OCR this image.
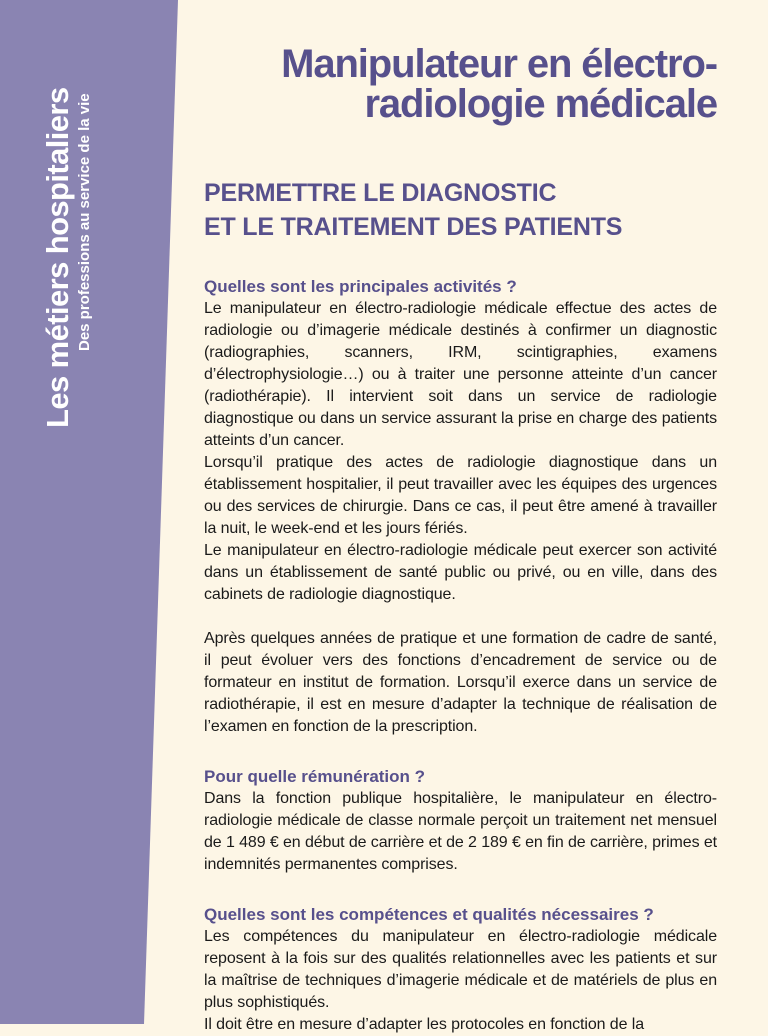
Les métiers hospitaliers Des professions au service de la vie
Manipulateur en électro-
radiologie médicale
PERMETTRE LE DIAGNOSTIC
ET LE TRAITEMENT DES PATIENTS
Quelles sont les principales activités ?

Le manipulateur en électro-radiologie médicale effectue des actes de radiologie ou d’imagerie médicale destinés à confirmer un diagnostic (radiographies, scanners, IRM, scintigraphies, examens d’électrophysiologie…) ou à traiter une personne atteinte d’un cancer (radiothérapie). Il intervient soit dans un service de radiologie diagnostique ou dans un service assurant la prise en charge des patients atteints d’un cancer.

Lorsqu’il pratique des actes de radiologie diagnostique dans un établissement hospitalier, il peut travailler avec les équipes des urgences ou des services de chirurgie. Dans ce cas, il peut être amené à travailler la nuit, le week-end et les jours fériés.

Le manipulateur en électro-radiologie médicale peut exercer son activité dans un établissement de santé public ou privé, ou en ville, dans des cabinets de radiologie diagnostique.

Après quelques années de pratique et une formation de cadre de santé, il peut évoluer vers des fonctions d’encadrement de service ou de formateur en institut de formation. Lorsqu’il exerce dans un service de radiothérapie, il est en mesure d’adapter la technique de réalisation de l’examen en fonction de la prescription.

Pour quelle rémunération ?

Dans la fonction publique hospitalière, le manipulateur en électro-radiologie médicale de classe normale perçoit un traitement net mensuel de 1 489 € en début de carrière et de 2 189 € en fin de carrière, primes et indemnités permanentes comprises.

Quelles sont les compétences et qualités nécessaires ?

Les compétences du manipulateur en électro-radiologie médicale reposent à la fois sur des qualités relationnelles avec les patients et sur la maîtrise de techniques d’imagerie médicale et de matériels de plus en plus sophistiqués.

Il doit être en mesure d’adapter les protocoles en fonction de la
